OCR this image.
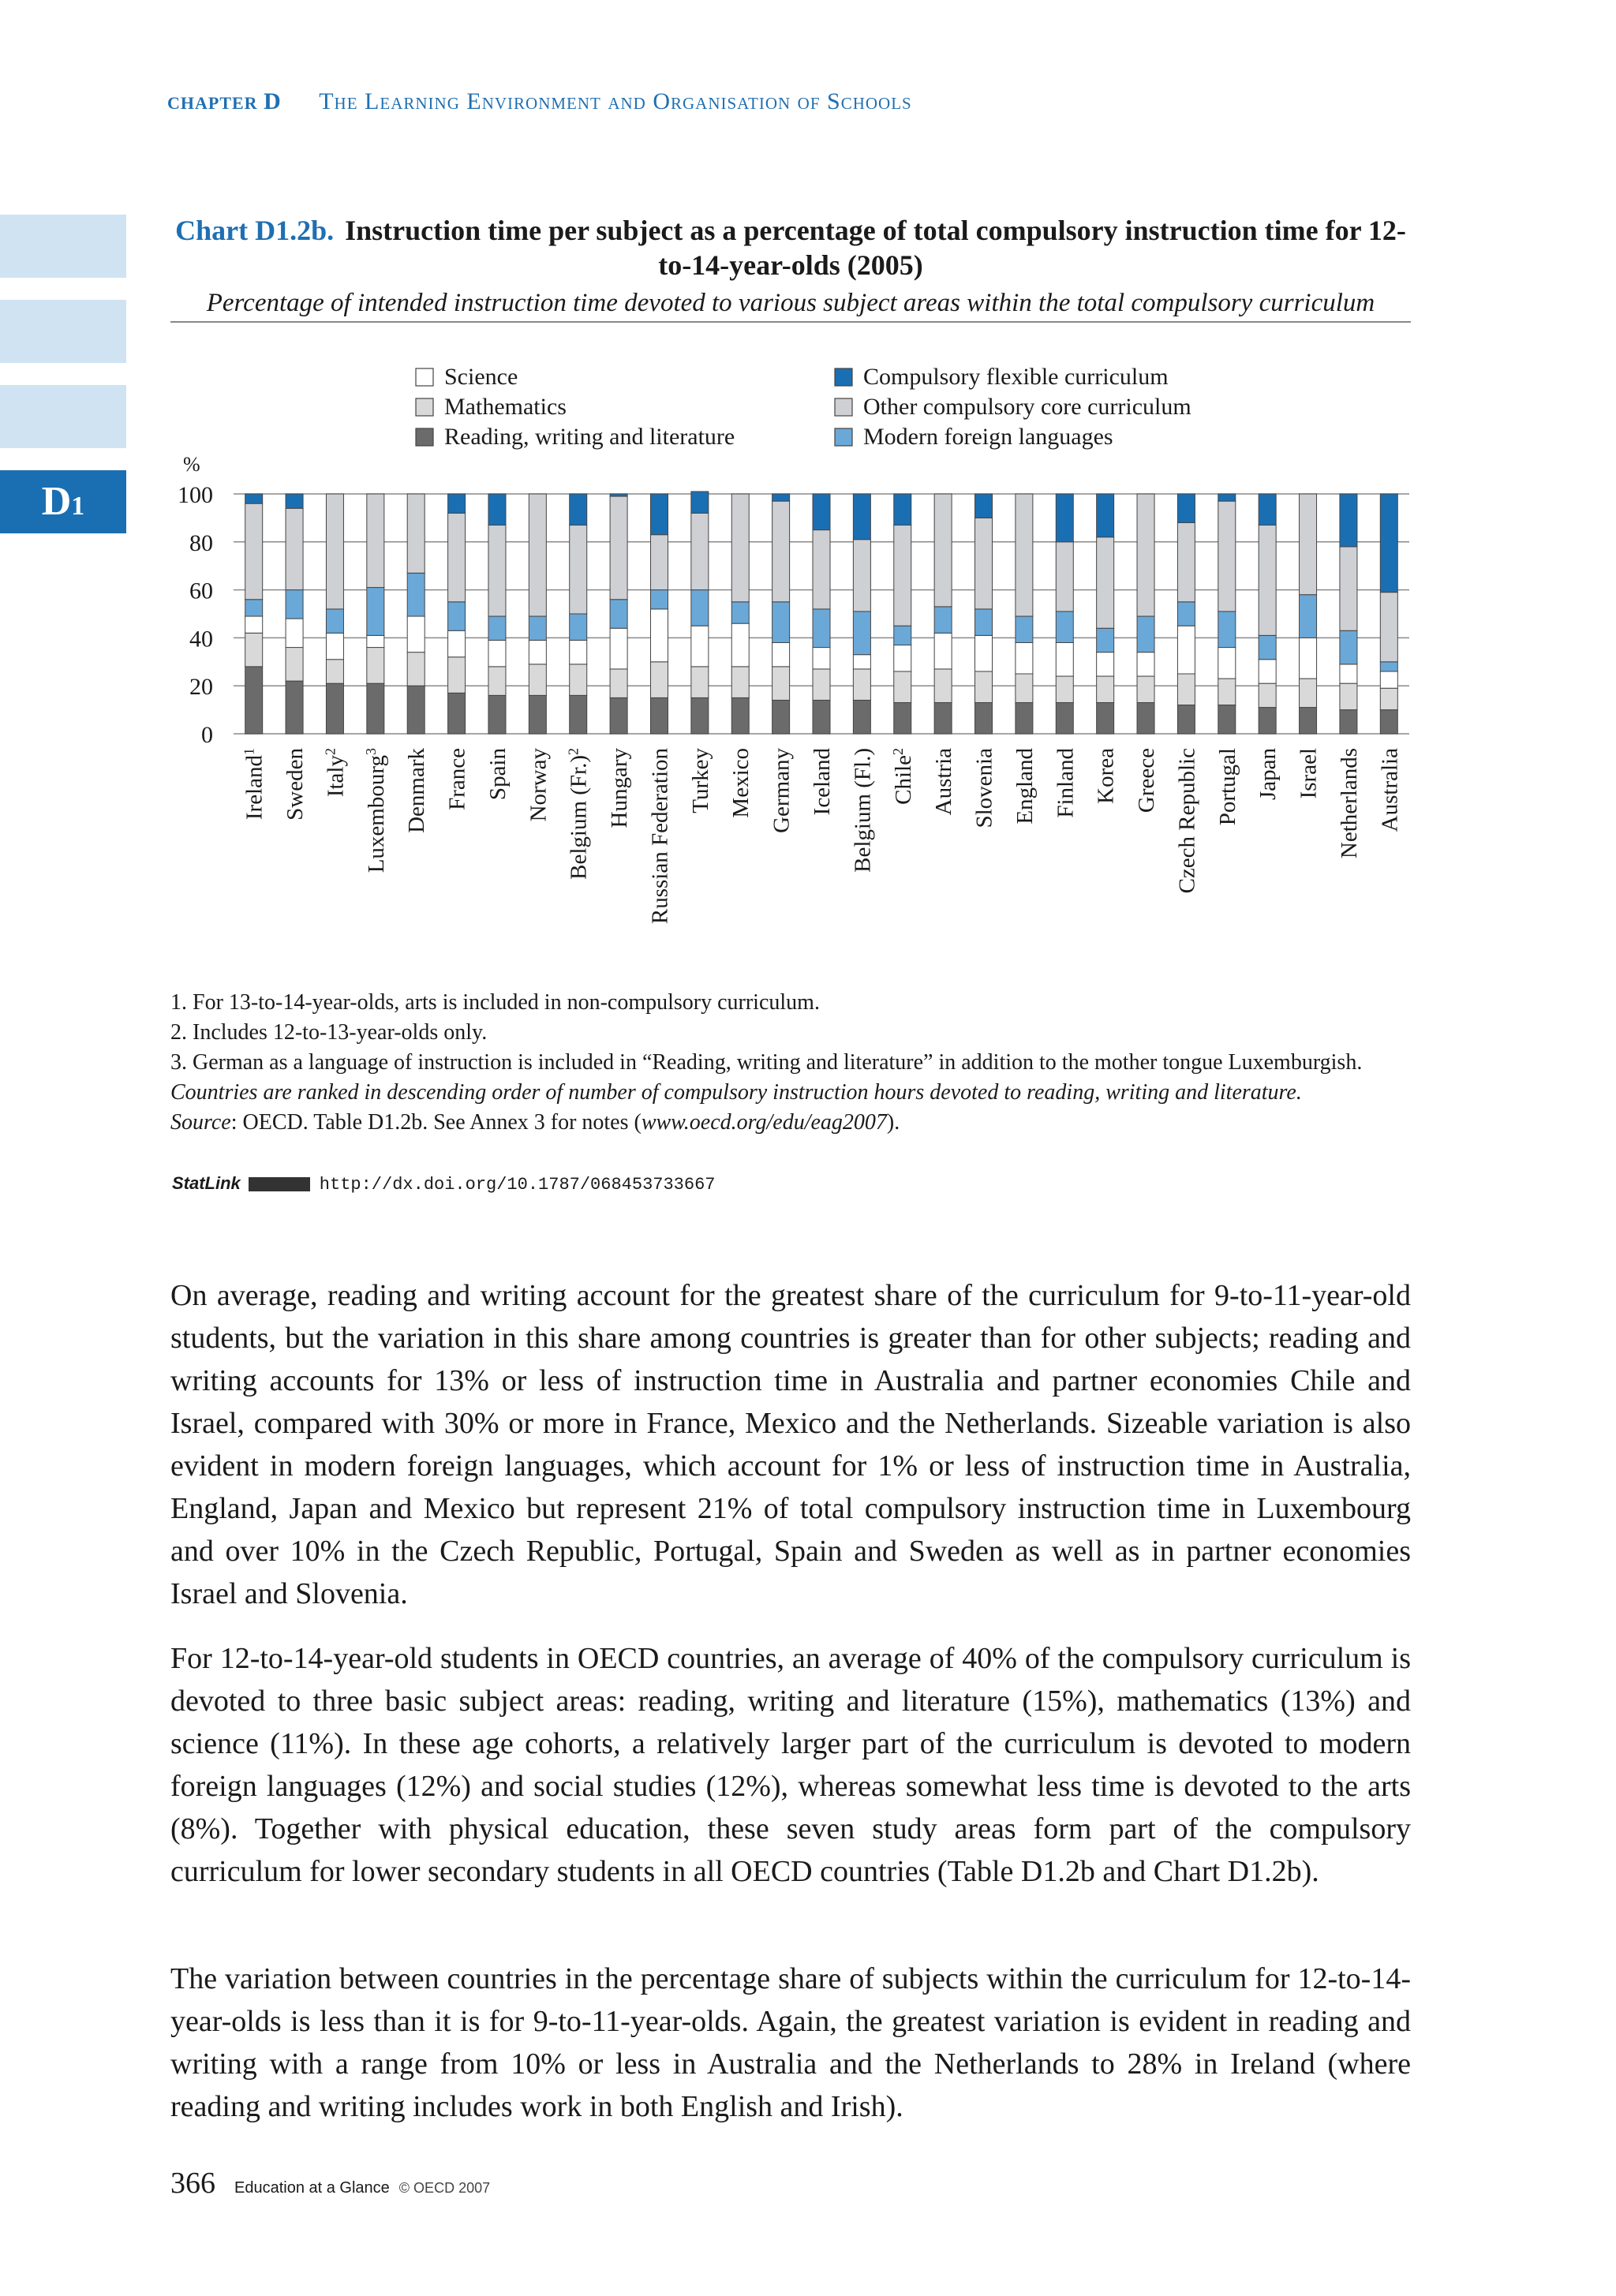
CHAPTER D The Learning Environment and Organisation of Schools
D1
Chart D1.2b. Instruction time per subject as a percentage of total compulsory instruction time for 12-to-14-year-olds (2005)
Percentage of intended instruction time devoted to various subject areas within the total compulsory curriculum
0
20
40
60
80
100
%
Ireland$^1$	Sweden Italy$^2$
Luxembourg$^3$	Denmark France Spain Norway Belgium $(Fr.)^2$	Hungary Russian Federation Turkey Mexico Germany Iceland Belgium (Fl.) Chile$^2$	Austria Slovenia England Finland Korea Greece Czech Republic Portugal Japan Israel Netherlands Australia
Science
Mathematics
Reading, writing and literature
Compulsory flexible curriculum
Other compulsory core curriculum
Modern foreign languages
1. For 13-to-14-year-olds, arts is included in non-compulsory curriculum.
2. Includes 12-to-13-year-olds only.
3. German as a language of instruction is included in “Reading, writing and literature” in addition to the mother tongue Luxemburgish.
Countries are ranked in descending order of number of compulsory instruction hours devoted to reading, writing and literature.
Source: OECD. Table D1.2b. See Annex 3 for notes (www.oecd.org/edu/eag2007).
StatLink	http://dx.doi.org/10.1787/068453733667
On average, reading and writing account for the greatest share of the curriculum for 9-to-11-year-old students, but the variation in this share among countries is greater than for other subjects; reading and writing accounts for 13% or less of instruction time in Australia and partner economies Chile and Israel, compared with 30% or more in France, Mexico and the Netherlands. Sizeable variation is also evident in modern foreign languages, which account for 1% or less of instruction time in Australia, England, Japan and Mexico but represent 21% of total compulsory instruction time in Luxembourg and over 10% in the Czech Republic, Portugal, Spain and Sweden as well as in partner economies Israel and Slovenia.
For 12-to-14-year-old students in OECD countries, an average of 40% of the compulsory curriculum is devoted to three basic subject areas: reading, writing and literature (15%), mathematics (13%) and science (11%). In these age cohorts, a relatively larger part of the curriculum is devoted to modern foreign languages (12%) and social studies (12%), whereas somewhat less time is devoted to the arts (8%). Together with physical education, these seven study areas form part of the compulsory curriculum for lower secondary students in all OECD countries (Table D1.2b and Chart D1.2b).
The variation between countries in the percentage share of subjects within the curriculum for 12-to-14-year-olds is less than it is for 9-to-11-year-olds. Again, the greatest variation is evident in reading and writing with a range from 10% or less in Australia and the Netherlands to 28% in Ireland (where reading and writing includes work in both English and Irish).
366 Education at a Glance © OECD 2007
